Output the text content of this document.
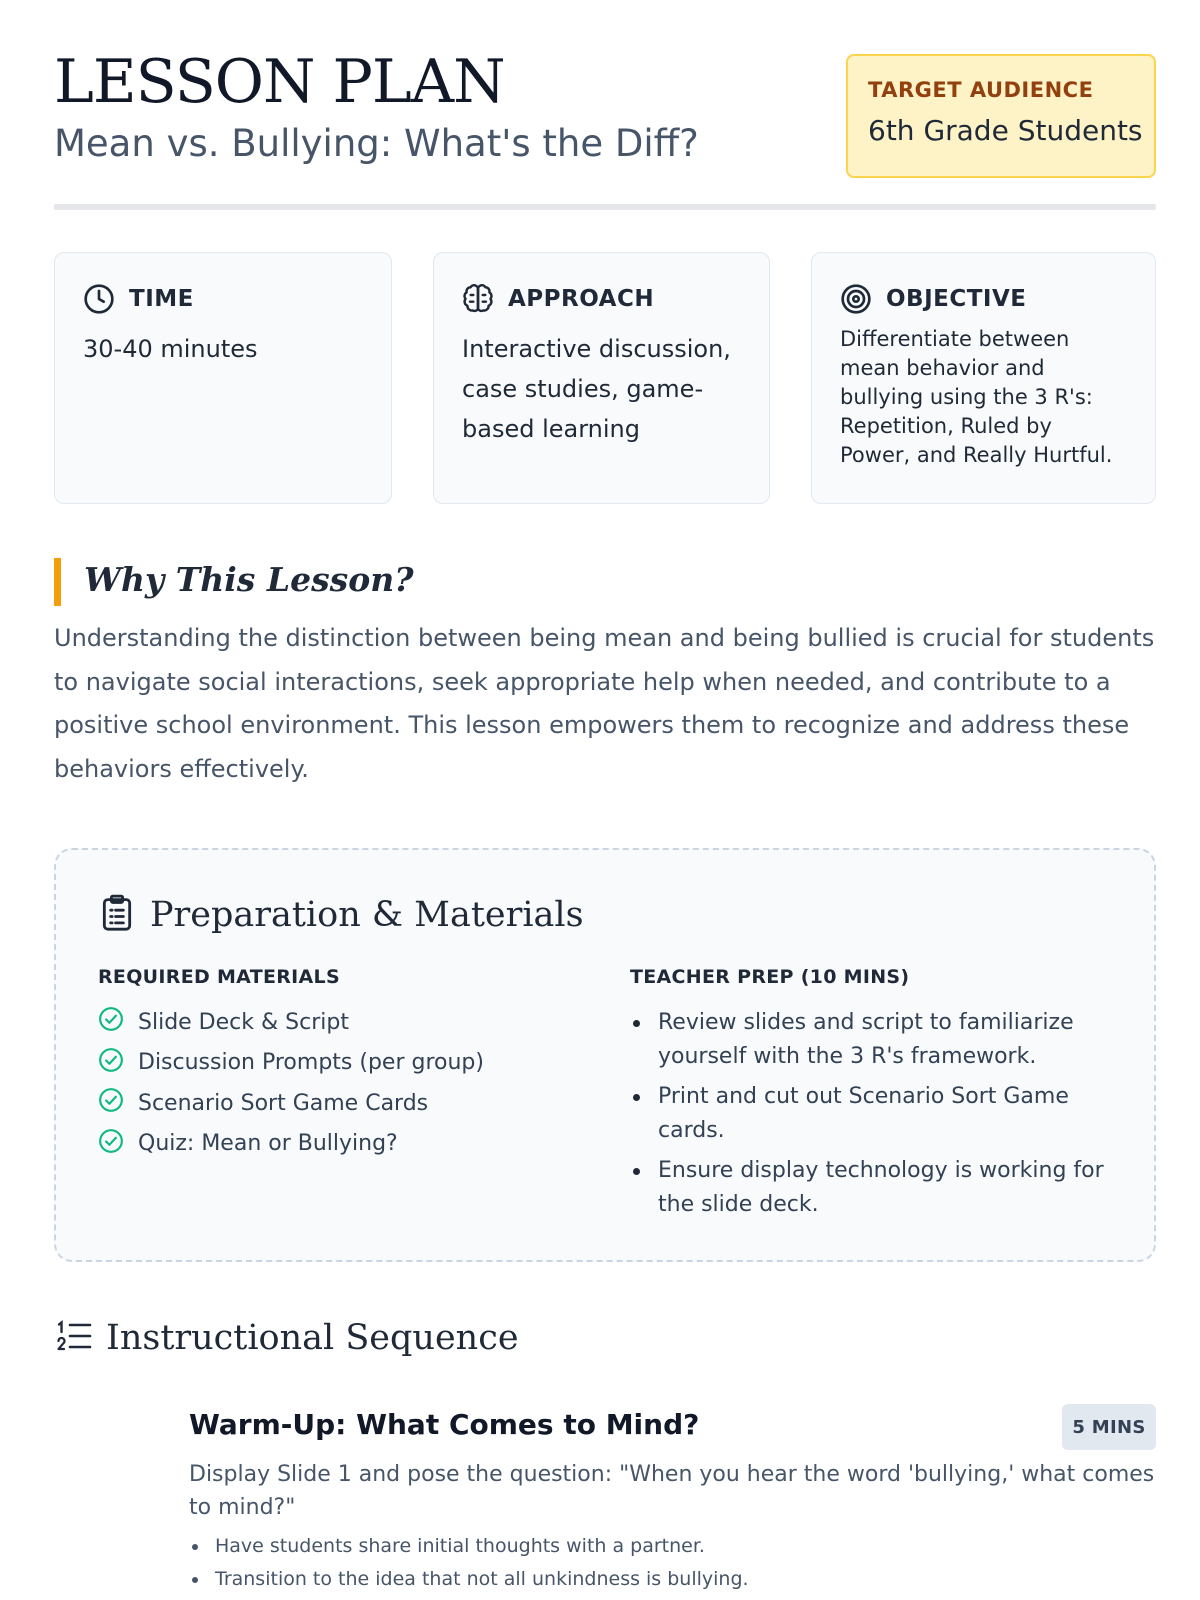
LESSON PLAN
Mean vs. Bullying: What's the Diff?
TARGET AUDIENCE
6th Grade Students
TIME
30-40 minutes
APPROACH
Interactive discussion, case studies, game-based learning
OBJECTIVE
Differentiate between mean behavior and bullying using the 3 R's: Repetition, Ruled by Power, and Really Hurtful.
Why This Lesson?

Understanding the distinction between being mean and being bullied is crucial for students to navigate social interactions, seek appropriate help when needed, and contribute to a positive school environment. This lesson empowers them to recognize and address these behaviors effectively.

Preparation & Materials
REQUIRED MATERIALS
Slide Deck & Script
Discussion Prompts (per group)
Scenario Sort Game Cards
Quiz: Mean or Bullying?
TEACHER PREP (10 MINS)
Review slides and script to familiarize yourself with the 3 R's framework.
Print and cut out Scenario Sort Game cards.
Ensure display technology is working for the slide deck.
Instructional Sequence
Warm-Up: What Comes to Mind?	5 MINS

Display Slide 1 and pose the question: "When you hear the word 'bullying,' what comes to mind?"

Have students share initial thoughts with a partner.
Transition to the idea that not all unkindness is bullying.
